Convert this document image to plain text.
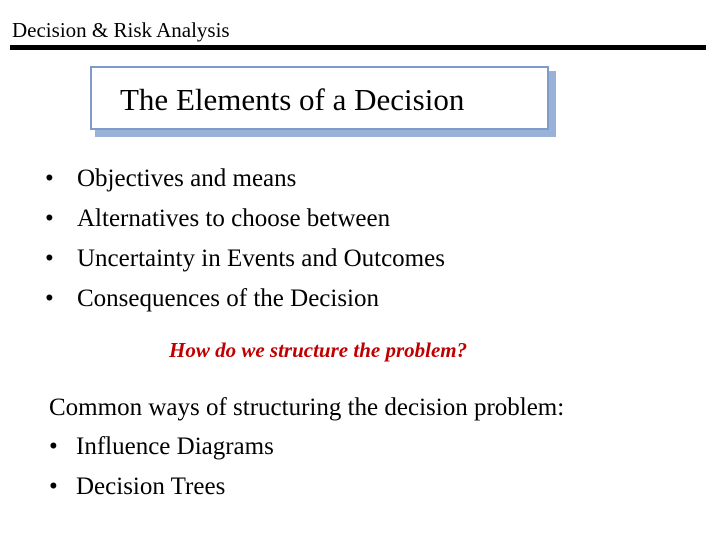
Decision & Risk Analysis
The Elements of a Decision
• Objectives and means
• Alternatives to choose between
• Uncertainty in Events and Outcomes
• Consequences of the Decision
How do we structure the problem?
Common ways of structuring the decision problem:
• Influence Diagrams
• Decision Trees
